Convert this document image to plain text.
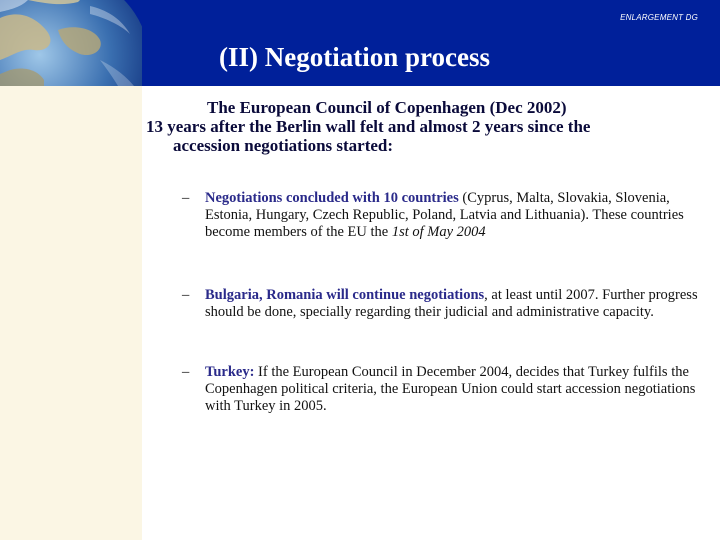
ENLARGEMENT DG
(II) Negotiation process
The European Council of Copenhagen (Dec 2002)
13 years after the Berlin wall felt and almost 2 years since the
accession negotiations started:
–	Negotiations concluded with 10 countries (Cyprus, Malta, Slovakia, Slovenia, Estonia, Hungary, Czech Republic, Poland, Latvia and Lithuania). These countries become members of the EU the 1st of May 2004
–	Bulgaria, Romania will continue negotiations, at least until 2007. Further progress should be done, specially regarding their judicial and administrative capacity.
–	Turkey: If the European Council in December 2004, decides that Turkey fulfils the Copenhagen political criteria, the European Union could start accession negotiations with Turkey in 2005.
